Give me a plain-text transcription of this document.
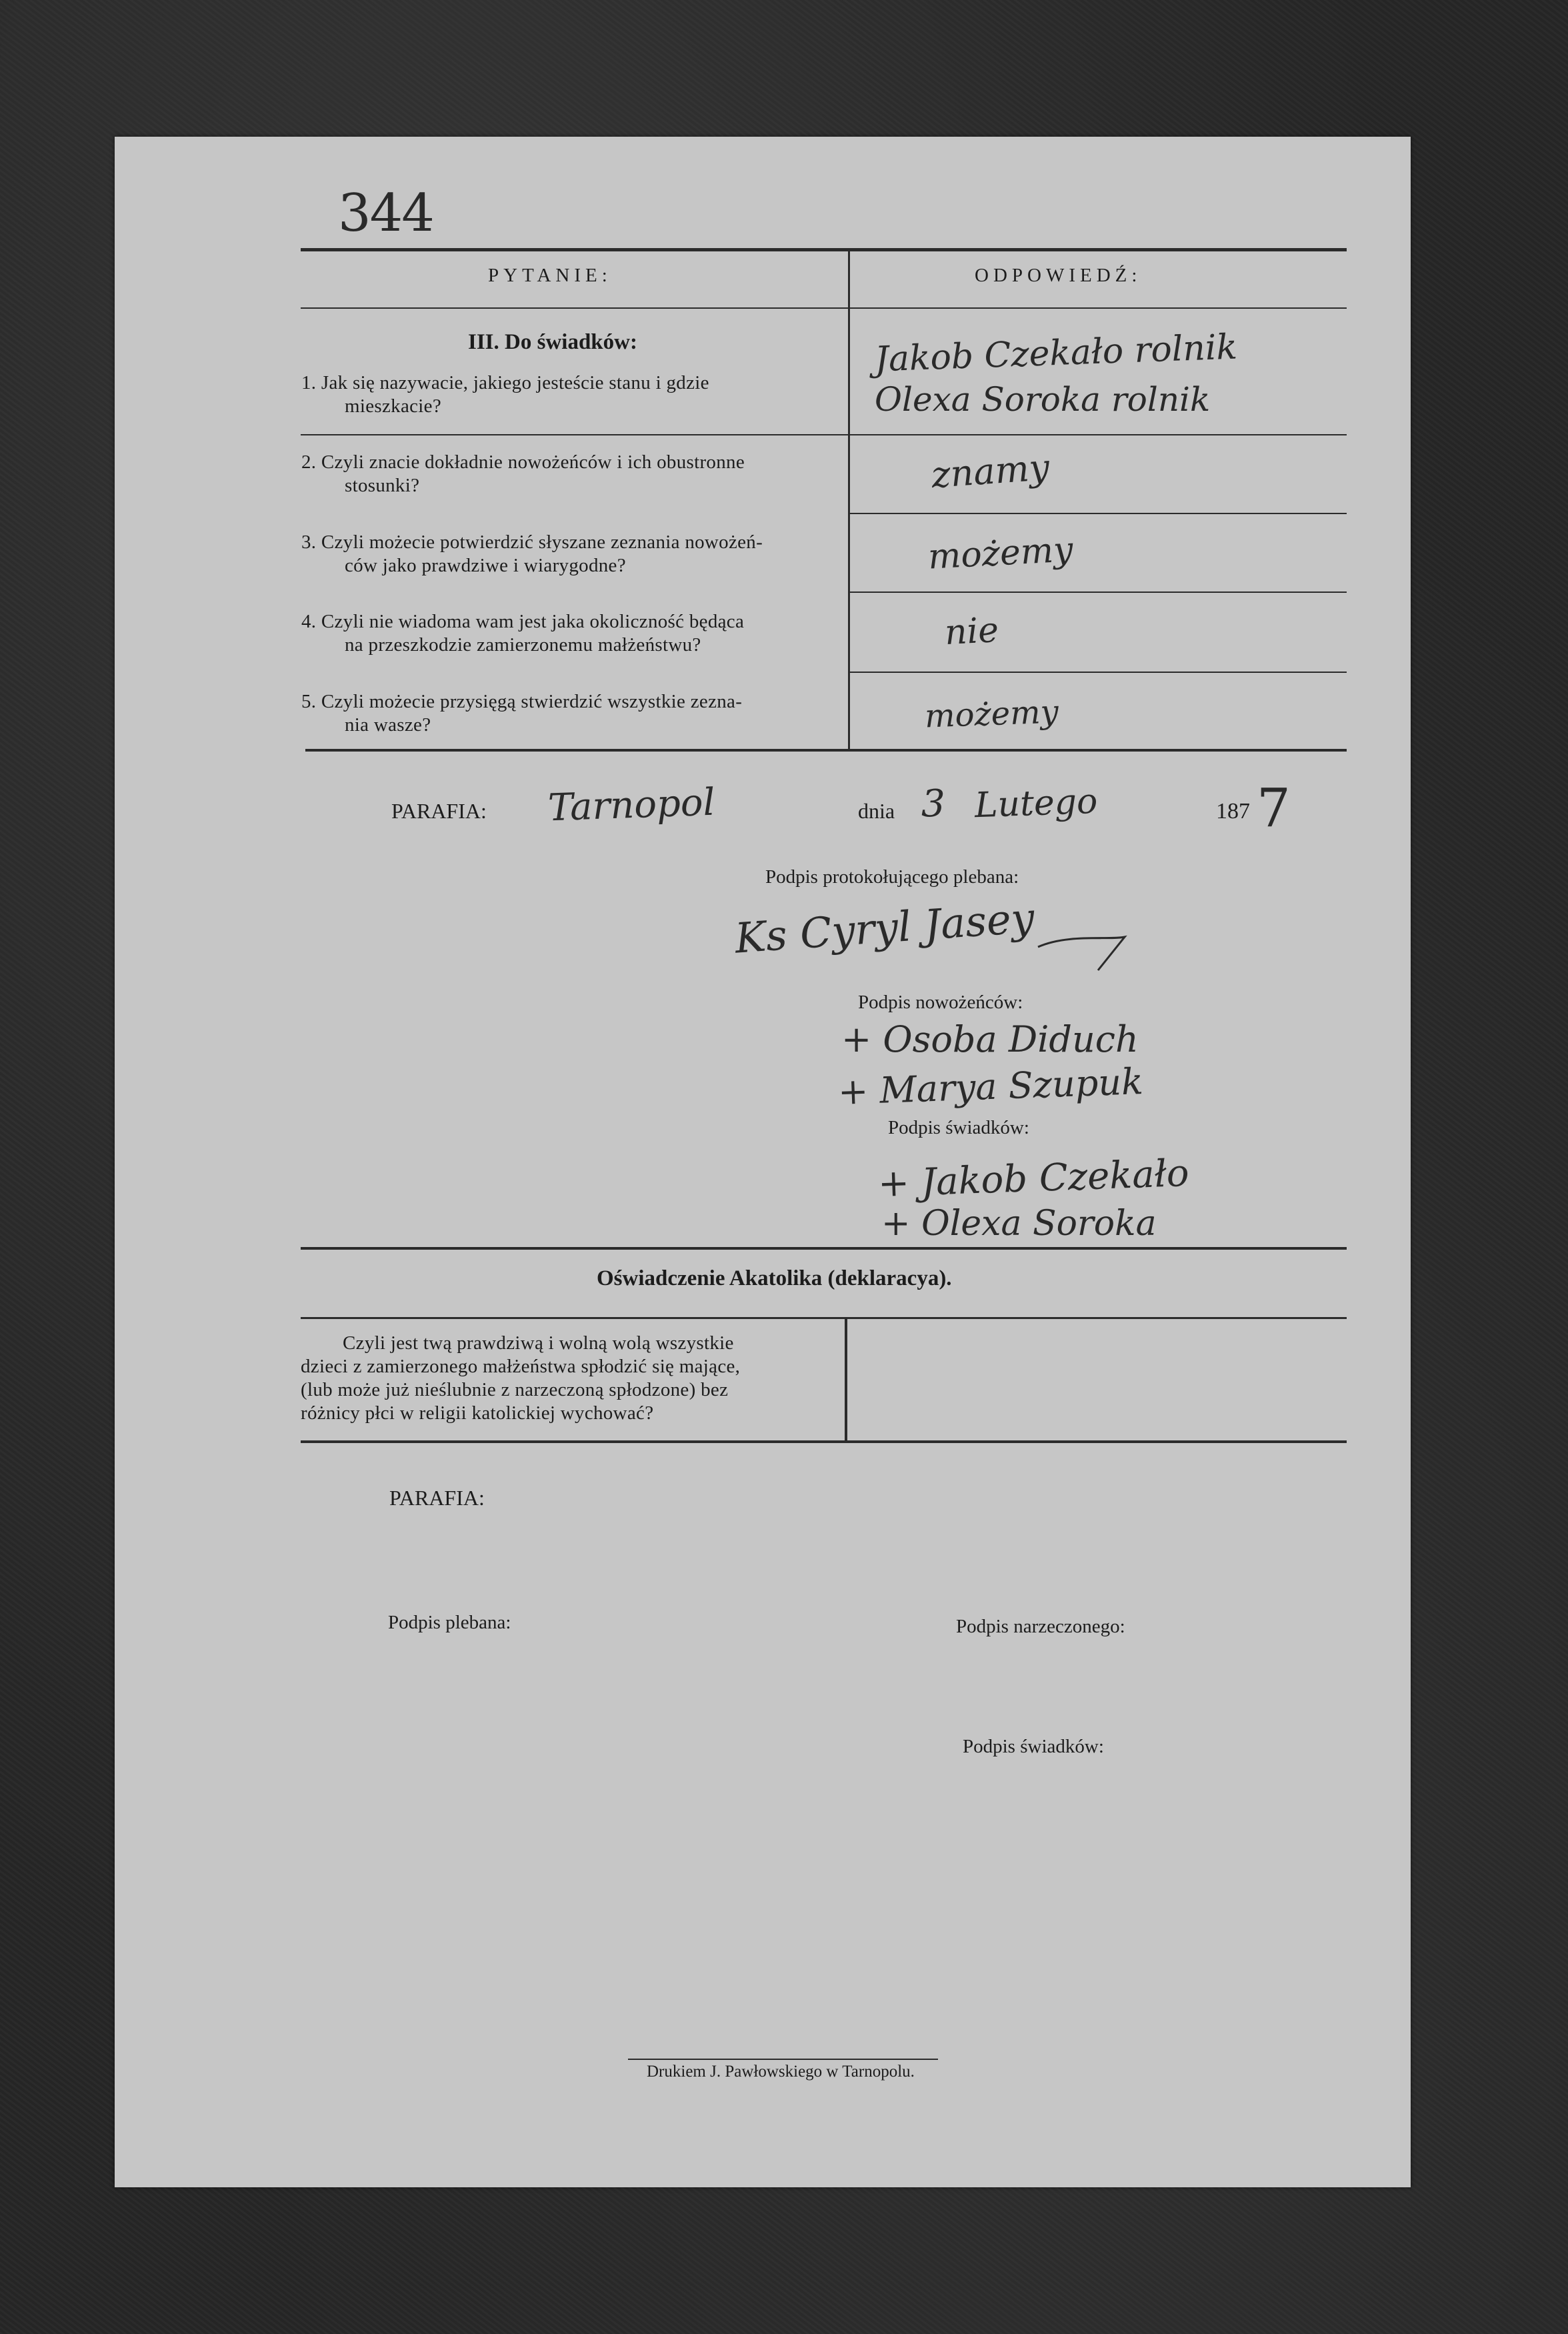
344
PYTANIE:	ODPOWIEDŹ:
III. Do świadków:
1. Jak się nazywacie, jakiego jesteście stanu i gdzie
mieszkacie?
Jakob Czekało rolnik
Olexa Sorokа rolnik
2. Czyli znacie dokładnie nowożeńców i ich obustronne
stosunki?	znamy
3. Czyli możecie potwierdzić słyszane zeznania nowożeń-
ców jako prawdziwe i wiarygodne?	możemy
4. Czyli nie wiadoma wam jest jaka okoliczność będąca
na przeszkodzie zamierzonemu małżeństwu?	nie
5. Czyli możecie przysięgą stwierdzić wszystkie zezna-
nia wasze?	możemy
PARAFIA: Tarnopol	dnia 3 Lutego	187 7
Podpis protokołującego plebana:
Ks Cyryl Jasey
Podpis nowożeńców:
+ Osoba Diduch
+ Marya Szupuk
Podpis świadków:
+ Jakob Czekało
+ Olexa Sorokа
Oświadczenie Akatolika (deklaracya).
Czyli jest twą prawdziwą i wolną wolą wszystkie
dzieci z zamierzonego małżeństwa spłodzić się mające,
(lub może już nieślubnie z narzeczoną spłodzone) bez
różnicy płci w religii katolickiej wychować?
PARAFIA:
Podpis plebana:	Podpis narzeczonego:
Podpis świadków:
Drukiem J. Pawłowskiego w Tarnopolu.
